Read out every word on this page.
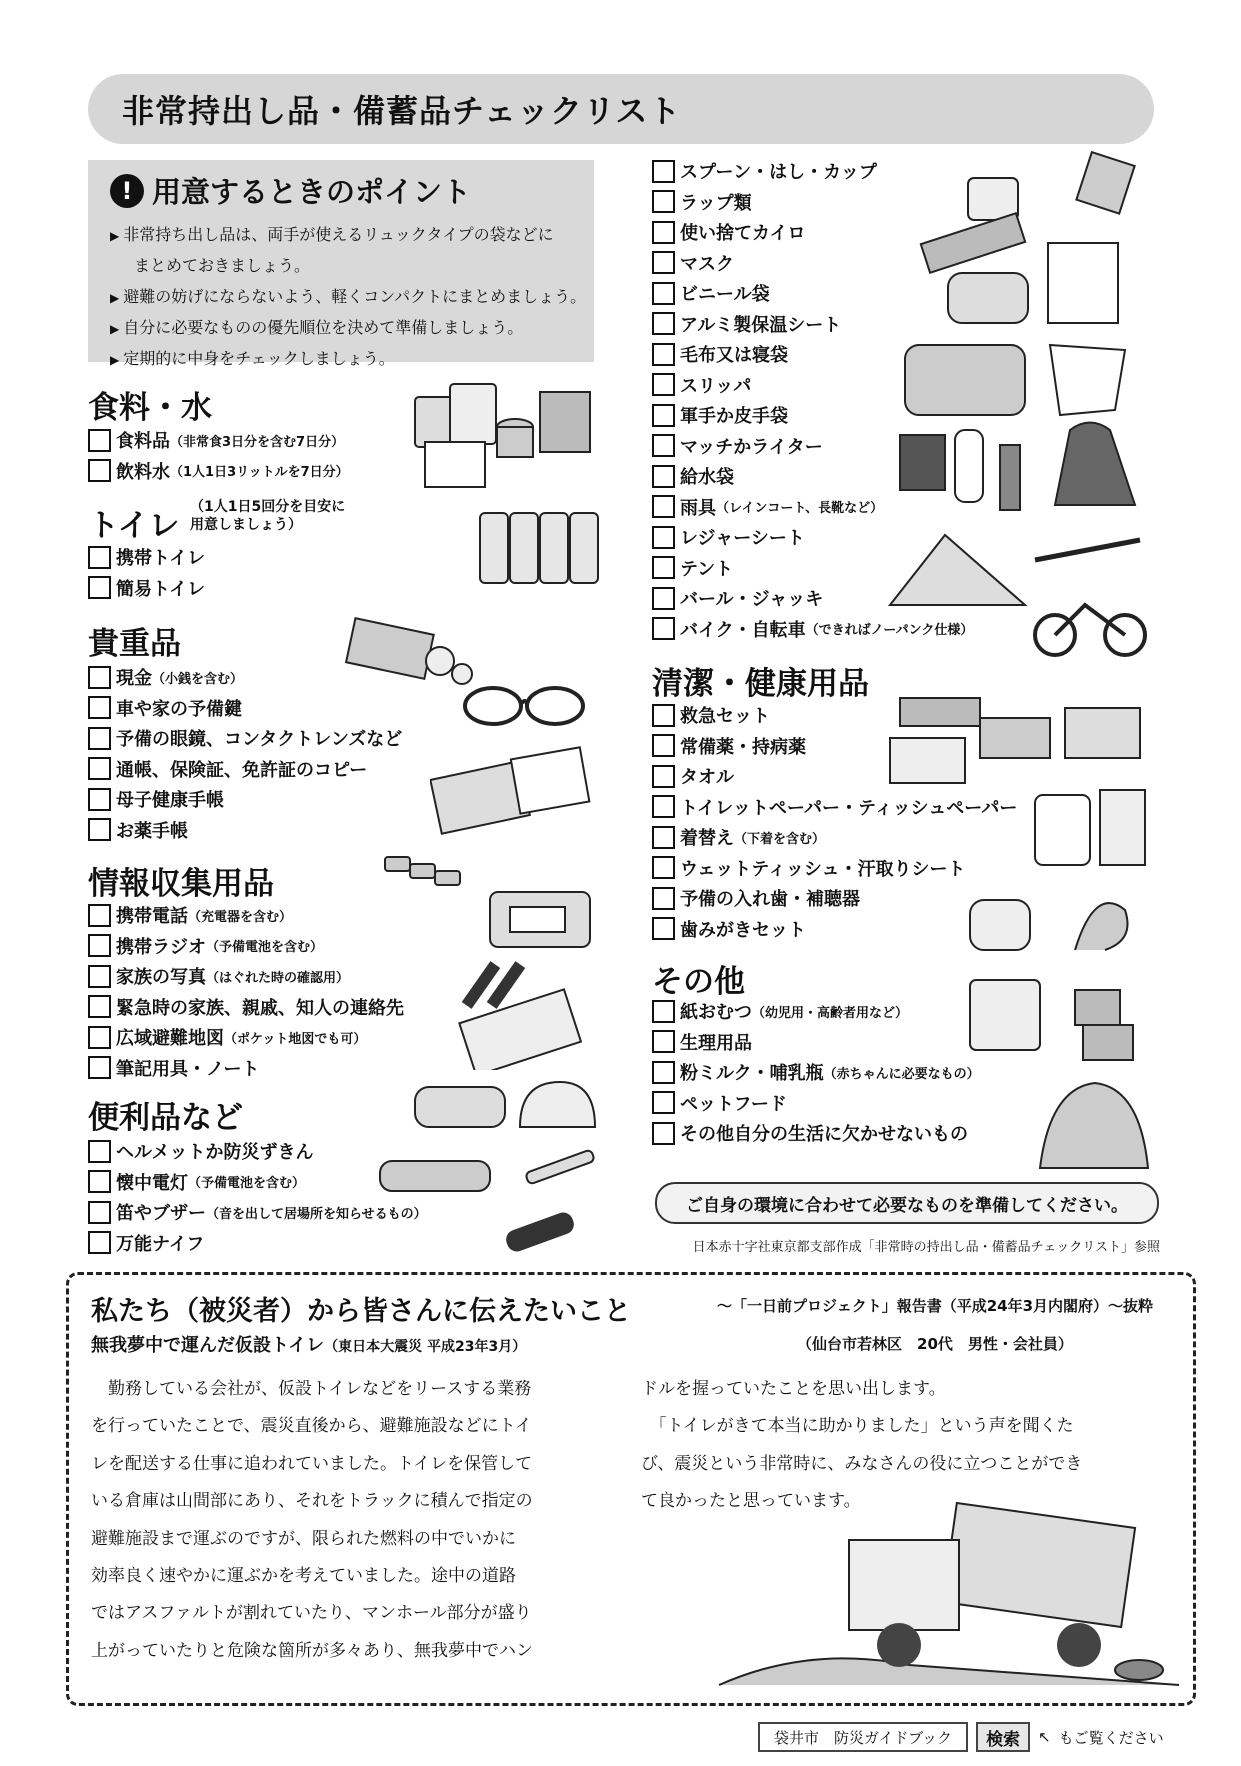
非常持出し品・備蓄品チェックリスト
! 用意するときのポイント
▶ 非常持ち出し品は、両手が使えるリュックタイプの袋などに
まとめておきましょう。
▶ 避難の妨げにならないよう、軽くコンパクトにまとめましょう。
▶ 自分に必要なものの優先順位を決めて準備しましょう。
▶ 定期的に中身をチェックしましょう。
食料・水
食料品 （非常食3日分を含む7日分）
飲料水 （1人1日3リットルを7日分）
トイレ
（1人1日5回分を目安に
用意しましょう）
携帯トイレ
簡易トイレ
貴重品
現金 （小銭を含む）
車や家の予備鍵
予備の眼鏡、コンタクトレンズなど
通帳、保険証、免許証のコピー
母子健康手帳
お薬手帳
情報収集用品
携帯電話 （充電器を含む）
携帯ラジオ （予備電池を含む）
家族の写真 （はぐれた時の確認用）
緊急時の家族、親戚、知人の連絡先
広域避難地図 （ポケット地図でも可）
筆記用具・ノート
便利品など
ヘルメットか防災ずきん
懐中電灯 （予備電池を含む）
笛やブザー （音を出して居場所を知らせるもの）
万能ナイフ
スプーン・はし・カップ
ラップ類
使い捨てカイロ
マスク
ビニール袋
アルミ製保温シート
毛布又は寝袋
スリッパ
軍手か皮手袋
マッチかライター
給水袋
雨具 （レインコート、長靴など）
レジャーシート
テント
バール・ジャッキ
バイク・自転車 （できればノーパンク仕様）
清潔・健康用品
救急セット
常備薬・持病薬
タオル
トイレットペーパー・ティッシュペーパー
着替え （下着を含む）
ウェットティッシュ・汗取りシート
予備の入れ歯・補聴器
歯みがきセット
その他
紙おむつ （幼児用・高齢者用など）
生理用品
粉ミルク・哺乳瓶 （赤ちゃんに必要なもの）
ペットフード
その他自分の生活に欠かせないもの
ご自身の環境に合わせて必要なものを準備してください。
日本赤十字社東京都支部作成「非常時の持出し品・備蓄品チェックリスト」参照
私たち（被災者）から皆さんに伝えたいこと	～「一日前プロジェクト」報告書（平成24年3月内閣府）～抜粋
無我夢中で運んだ仮設トイレ（東日本大震災 平成23年3月）	（仙台市若林区　20代　男性・会社員）
　勤務している会社が、仮設トイレなどをリースする業務
を行っていたことで、震災直後から、避難施設などにトイ
レを配送する仕事に追われていました。トイレを保管して
いる倉庫は山間部にあり、それをトラックに積んで指定の
避難施設まで運ぶのですが、限られた燃料の中でいかに
効率良く速やかに運ぶかを考えていました。途中の道路
ではアスファルトが割れていたり、マンホール部分が盛り
上がっていたりと危険な箇所が多々あり、無我夢中でハン
ドルを握っていたことを思い出します。
　「トイレがきて本当に助かりました」という声を聞くた
び、震災という非常時に、みなさんの役に立つことができ
て良かったと思っています。
袋井市　防災ガイドブック	検索	↖ もご覧ください
